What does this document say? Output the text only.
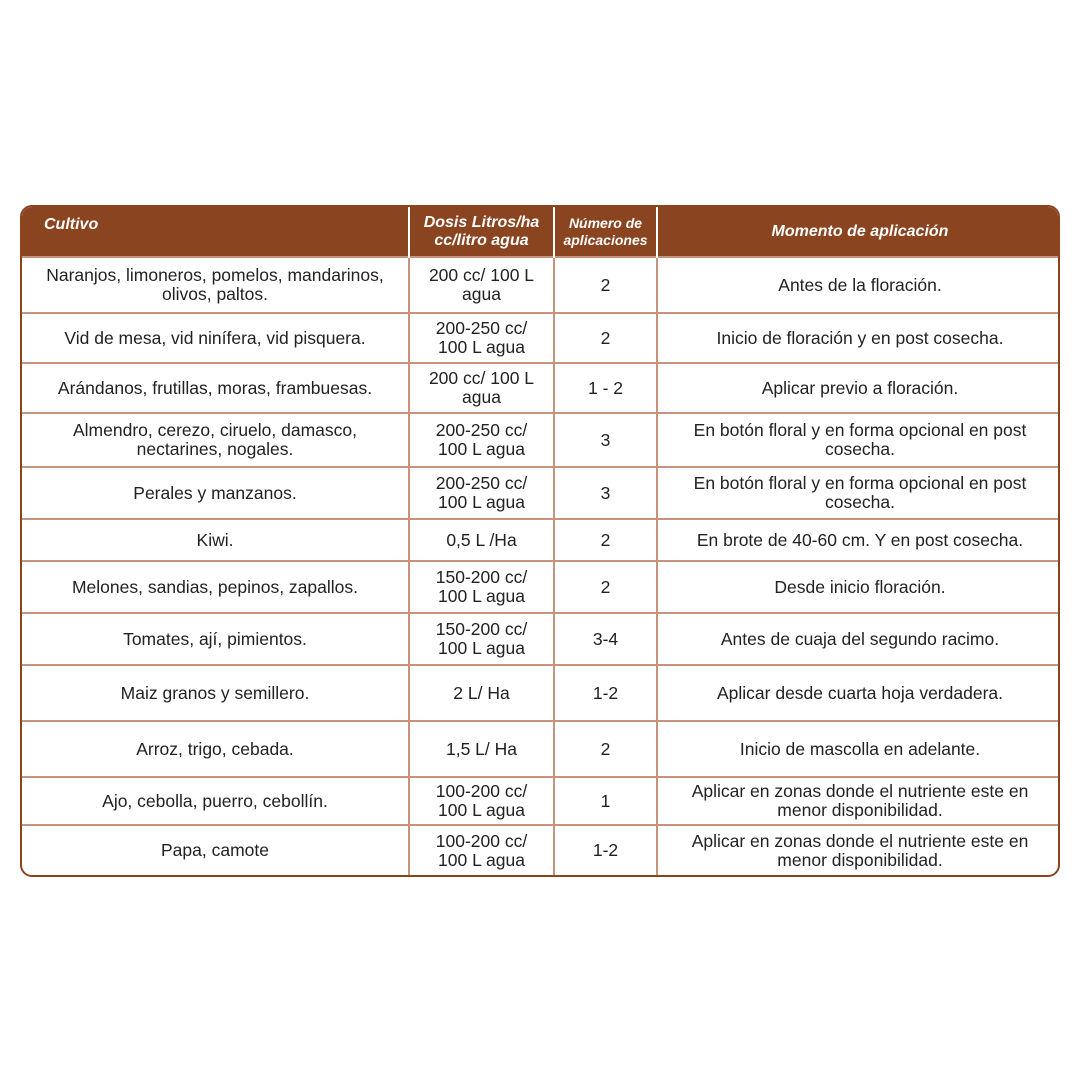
Cultivo	Dosis Litros/ha
cc/litro agua	Número de
aplicaciones	Momento de aplicación
Naranjos, limoneros, pomelos, mandarinos,
olivos, paltos.	200 cc/ 100 L
agua	2	Antes de la floración.
Vid de mesa, vid ninífera, vid pisquera.	200-250 cc/
100 L agua	2	Inicio de floración y en post cosecha.
Arándanos, frutillas, moras, frambuesas.	200 cc/ 100 L
agua	1 - 2	Aplicar previo a floración.
Almendro, cerezo, ciruelo, damasco,
nectarines, nogales.	200-250 cc/
100 L agua	3	En botón floral y en forma opcional en post
cosecha.
Perales y manzanos.	200-250 cc/
100 L agua	3	En botón floral y en forma opcional en post
cosecha.
Kiwi.	0,5 L /Ha	2	En brote de 40-60 cm. Y en post cosecha.
Melones, sandias, pepinos, zapallos.	150-200 cc/
100 L agua	2	Desde inicio floración.
Tomates, ají, pimientos.	150-200 cc/
100 L agua	3-4	Antes de cuaja del segundo racimo.
Maiz granos y semillero.	2 L/ Ha	1-2	Aplicar desde cuarta hoja verdadera.
Arroz, trigo, cebada.	1,5 L/ Ha	2	Inicio de mascolla en adelante.
Ajo, cebolla, puerro, cebollín.	100-200 cc/
100 L agua	1	Aplicar en zonas donde el nutriente este en
menor disponibilidad.
Papa, camote	100-200 cc/
100 L agua	1-2	Aplicar en zonas donde el nutriente este en
menor disponibilidad.
